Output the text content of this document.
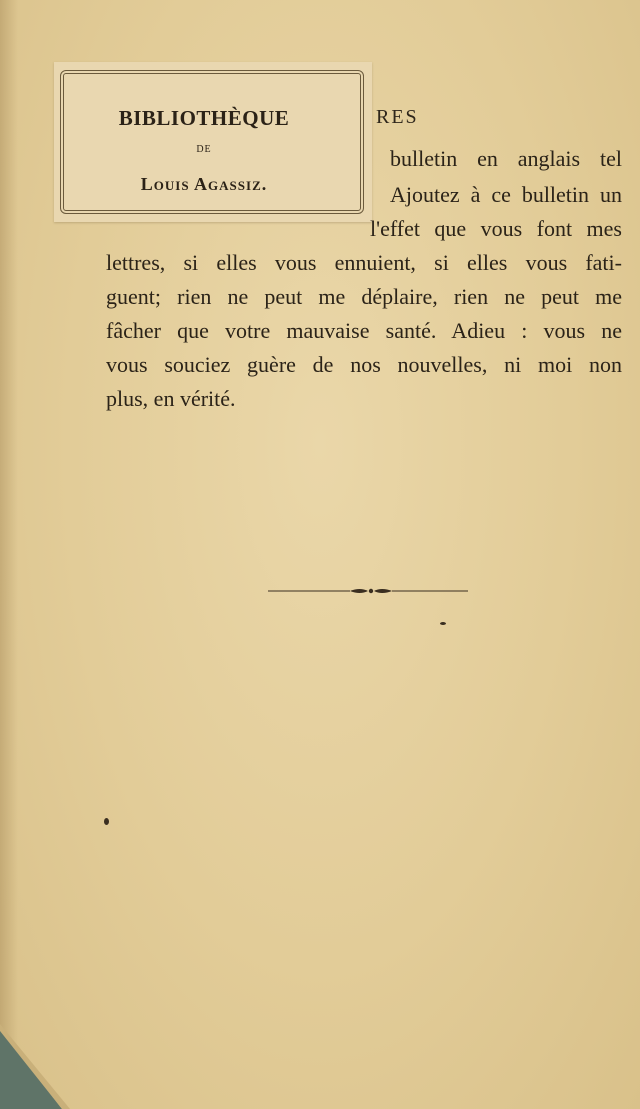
BIBLIOTHÈQUE
DE
Louis Agassiz.
RES
bulletin en anglais tel
Ajoutez à ce bulletin un
l'effet que vous font mes
lettres, si elles vous ennuient, si elles vous fati-
guent; rien ne peut me déplaire, rien ne peut me
fâcher que votre mauvaise santé. Adieu : vous ne
vous souciez guère de nos nouvelles, ni moi non
plus, en vérité.
